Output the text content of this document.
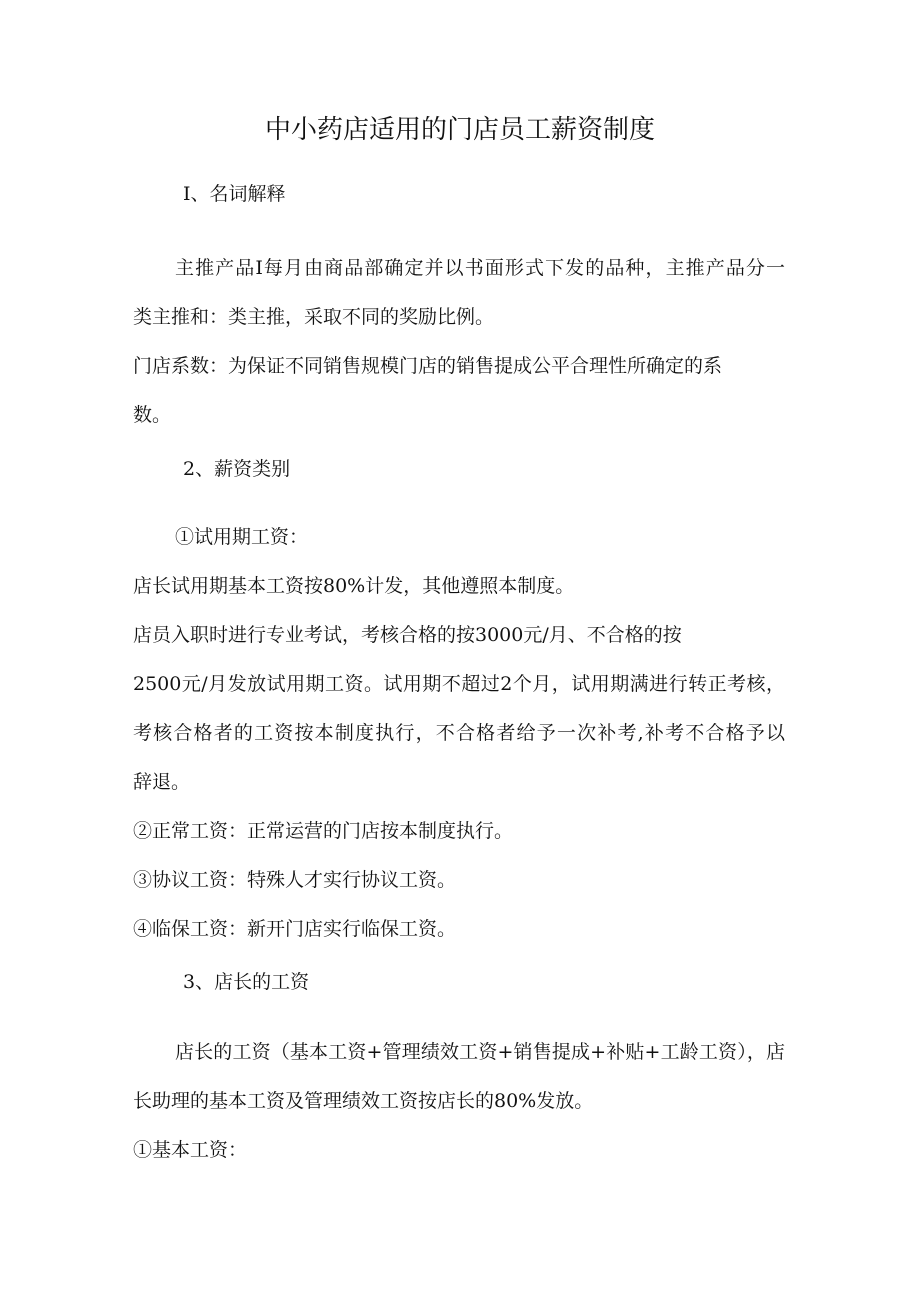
中小药店适用的门店员工薪资制度

I、名词解释

主推产品I每月由商品部确定并以书面形式下发的品种，主推产品分一

类主推和：类主推，采取不同的奖励比例。

门店系数：为保证不同销售规模门店的销售提成公平合理性所确定的系

数。

2、薪资类别

①试用期工资：

店长试用期基本工资按80%计发，其他遵照本制度。

店员入职时进行专业考试，考核合格的按3000元/月、不合格的按

2500元/月发放试用期工资。试用期不超过2个月，试用期满进行转正考核，

考核合格者的工资按本制度执行，不合格者给予一次补考,补考不合格予以

辞退。

②正常工资：正常运营的门店按本制度执行。

③协议工资：特殊人才实行协议工资。

④临保工资：新开门店实行临保工资。

3、店长的工资

店长的工资（基本工资+管理绩效工资+销售提成+补贴+工龄工资），店

长助理的基本工资及管理绩效工资按店长的80%发放。

①基本工资：
